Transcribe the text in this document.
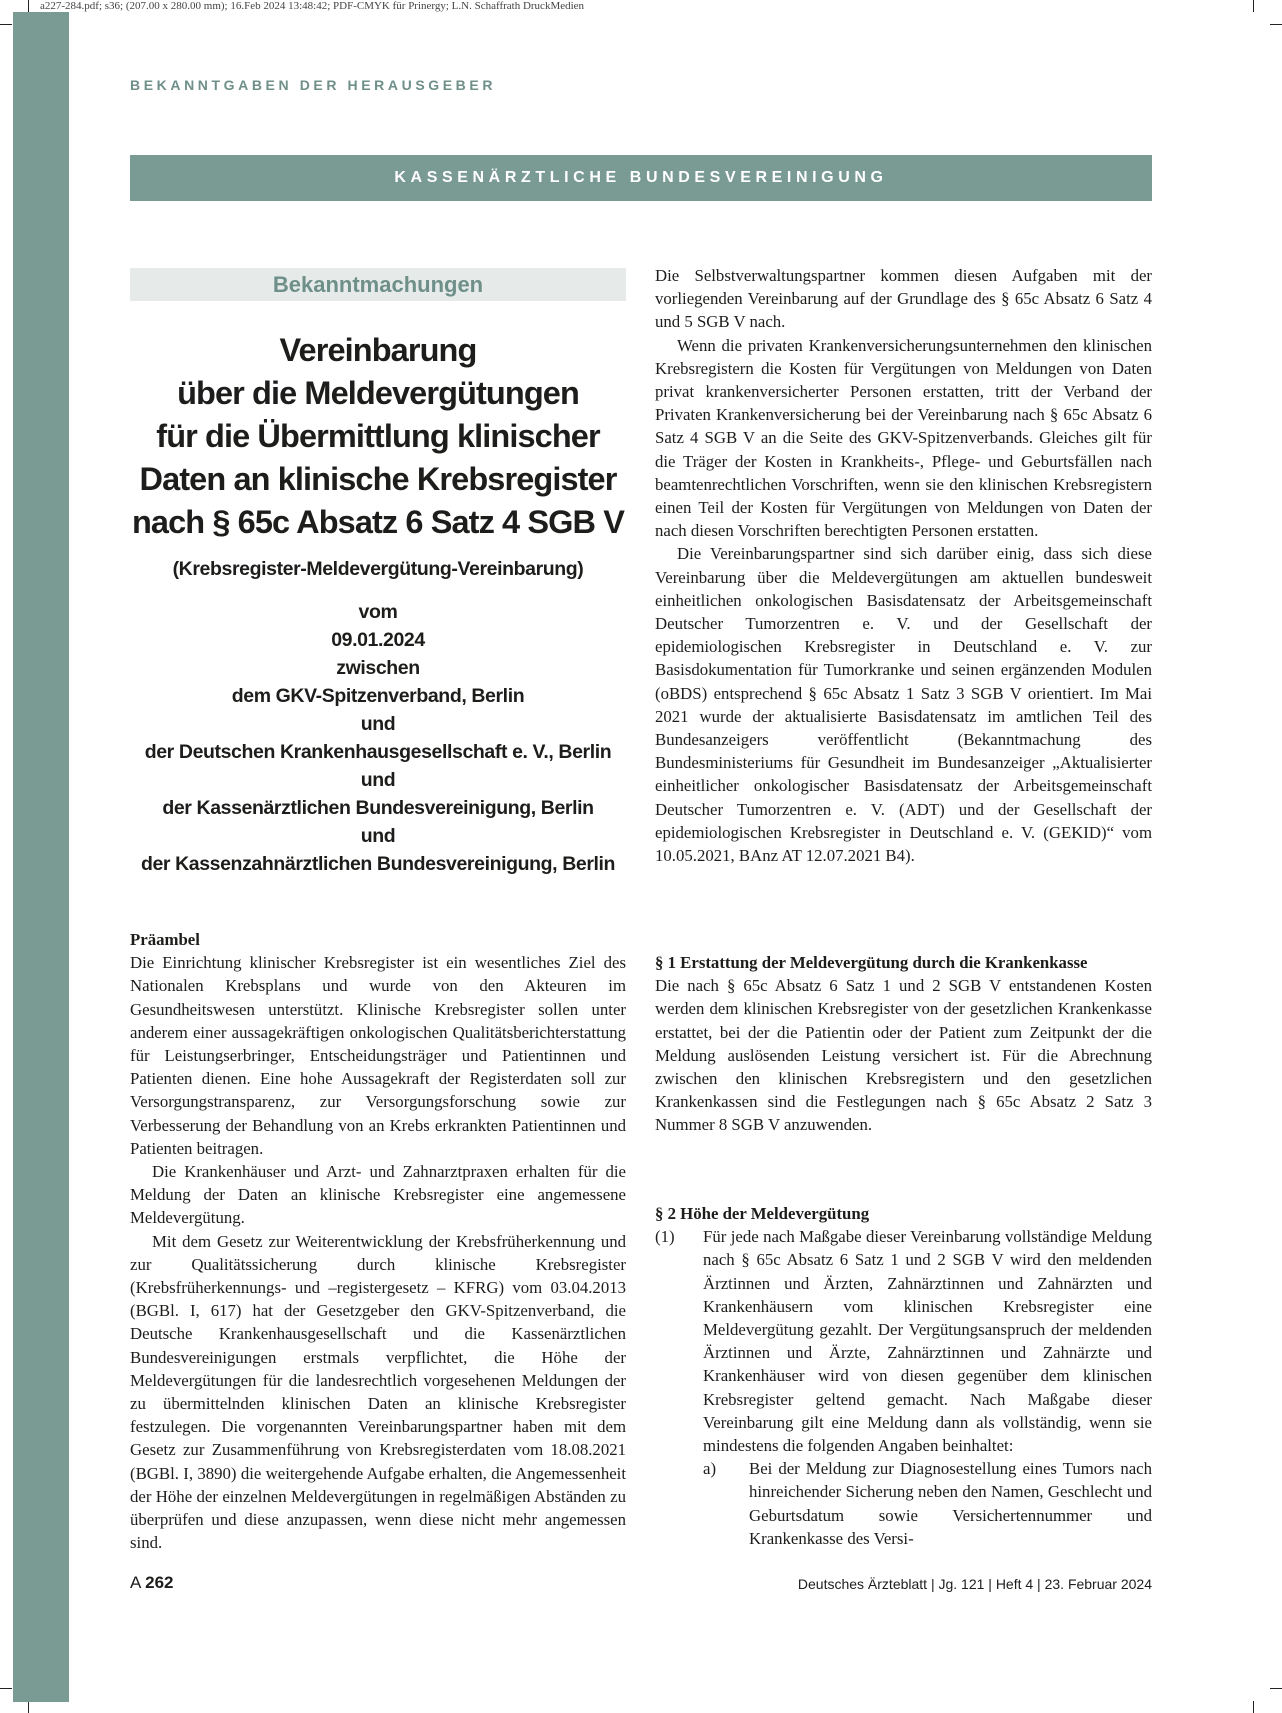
a227-284.pdf; s36; (207.00 x 280.00 mm); 16.Feb 2024 13:48:42; PDF-CMYK für Prinergy; L.N. Schaffrath DruckMedien
BEKANNTGABEN DER HERAUSGEBER
KASSENÄRZTLICHE BUNDESVEREINIGUNG
Bekanntmachungen
Vereinbarung
über die Meldevergütungen
für die Übermittlung klinischer
Daten an klinische Krebsregister
nach § 65c Absatz 6 Satz 4 SGB V
(Krebsregister-Meldevergütung-Vereinbarung)
vom
09.01.2024
zwischen
dem GKV-Spitzenverband, Berlin
und
der Deutschen Krankenhausgesellschaft e. V., Berlin
und
der Kassenärztlichen Bundesvereinigung, Berlin
und
der Kassenzahnärztlichen Bundesvereinigung, Berlin

Die Selbstverwaltungspartner kommen diesen Aufgaben mit der vorliegenden Vereinbarung auf der Grundlage des § 65c Absatz 6 Satz 4 und 5 SGB V nach.

Wenn die privaten Krankenversicherungsunternehmen den klinischen Krebsregistern die Kosten für Vergütungen von Meldungen von Daten privat krankenversicherter Personen erstatten, tritt der Verband der Privaten Krankenversicherung bei der Vereinbarung nach § 65c Absatz 6 Satz 4 SGB V an die Seite des GKV-Spitzenverbands. Gleiches gilt für die Träger der Kosten in Krankheits-, Pflege- und Geburtsfällen nach beamtenrechtlichen Vorschriften, wenn sie den klinischen Krebsregistern einen Teil der Kosten für Vergütungen von Meldungen von Daten der nach diesen Vorschriften berechtigten Personen erstatten.

Die Vereinbarungspartner sind sich darüber einig, dass sich diese Vereinbarung über die Meldevergütungen am aktuellen bundesweit einheitlichen onkologischen Basisdatensatz der Arbeitsgemeinschaft Deutscher Tumorzentren e. V. und der Gesellschaft der epidemiologischen Krebsregister in Deutschland e. V. zur Basisdokumentation für Tumorkranke und seinen ergänzenden Modulen (oBDS) entsprechend § 65c Absatz 1 Satz 3 SGB V orientiert. Im Mai 2021 wurde der aktualisierte Basisdatensatz im amtlichen Teil des Bundesanzeigers veröffentlicht (Bekanntmachung des Bundesministeriums für Gesundheit im Bundesanzeiger „Aktualisierter einheitlicher onkologischer Basisdatensatz der Arbeitsgemeinschaft Deutscher Tumorzentren e. V. (ADT) und der Gesellschaft der epidemiologischen Krebsregister in Deutschland e. V. (GEKID)“ vom 10.05.2021, BAnz AT 12.07.2021 B4).

Präambel

Die Einrichtung klinischer Krebsregister ist ein wesentliches Ziel des Nationalen Krebsplans und wurde von den Akteuren im Gesundheitswesen unterstützt. Klinische Krebsregister sollen unter anderem einer aussagekräftigen onkologischen Qualitätsberichterstattung für Leistungserbringer, Entscheidungsträger und Patientinnen und Patienten dienen. Eine hohe Aussagekraft der Registerdaten soll zur Versorgungstransparenz, zur Versorgungsforschung sowie zur Verbesserung der Behandlung von an Krebs erkrankten Patientinnen und Patienten beitragen.

Die Krankenhäuser und Arzt- und Zahnarztpraxen erhalten für die Meldung der Daten an klinische Krebsregister eine angemessene Meldevergütung.

Mit dem Gesetz zur Weiterentwicklung der Krebsfrüherkennung und zur Qualitätssicherung durch klinische Krebsregister (Krebsfrüherkennungs- und –registergesetz – KFRG) vom 03.04.2013 (BGBl. I, 617) hat der Gesetzgeber den GKV-Spitzenverband, die Deutsche Krankenhausgesellschaft und die Kassenärztlichen Bundesvereinigungen erstmals verpflichtet, die Höhe der Meldevergütungen für die landesrechtlich vorgesehenen Meldungen der zu übermittelnden klinischen Daten an klinische Krebsregister festzulegen. Die vorgenannten Vereinbarungspartner haben mit dem Gesetz zur Zusammenführung von Krebsregisterdaten vom 18.08.2021 (BGBl. I, 3890) die weitergehende Aufgabe erhalten, die Angemessenheit der Höhe der einzelnen Meldevergütungen in regelmäßigen Abständen zu überprüfen und diese anzupassen, wenn diese nicht mehr angemessen sind.

§ 1 Erstattung der Meldevergütung durch die Krankenkasse

Die nach § 65c Absatz 6 Satz 1 und 2 SGB V entstandenen Kosten werden dem klinischen Krebsregister von der gesetzlichen Krankenkasse erstattet, bei der die Patientin oder der Patient zum Zeitpunkt der die Meldung auslösenden Leistung versichert ist. Für die Abrechnung zwischen den klinischen Krebsregistern und den gesetzlichen Krankenkassen sind die Festlegungen nach § 65c Absatz 2 Satz 3 Nummer 8 SGB V anzuwenden.

§ 2 Höhe der Meldevergütung
(1)	Für jede nach Maßgabe dieser Vereinbarung vollständige Meldung nach § 65c Absatz 6 Satz 1 und 2 SGB V wird den meldenden Ärztinnen und Ärzten, Zahnärztinnen und Zahnärzten und Krankenhäusern vom klinischen Krebsregister eine Meldevergütung gezahlt. Der Vergütungsanspruch der meldenden Ärztinnen und Ärzte, Zahnärztinnen und Zahnärzte und Krankenhäuser wird von diesen gegenüber dem klinischen Krebsregister geltend gemacht. Nach Maßgabe dieser Vereinbarung gilt eine Meldung dann als vollständig, wenn sie mindestens die folgenden Angaben beinhaltet:
a)	Bei der Meldung zur Diagnosestellung eines Tumors nach hinreichender Sicherung neben den Namen, Geschlecht und Geburtsdatum sowie Versichertennummer und Krankenkasse des Versi-
A 262	Deutsches Ärzteblatt | Jg. 121 | Heft 4 | 23. Februar 2024
